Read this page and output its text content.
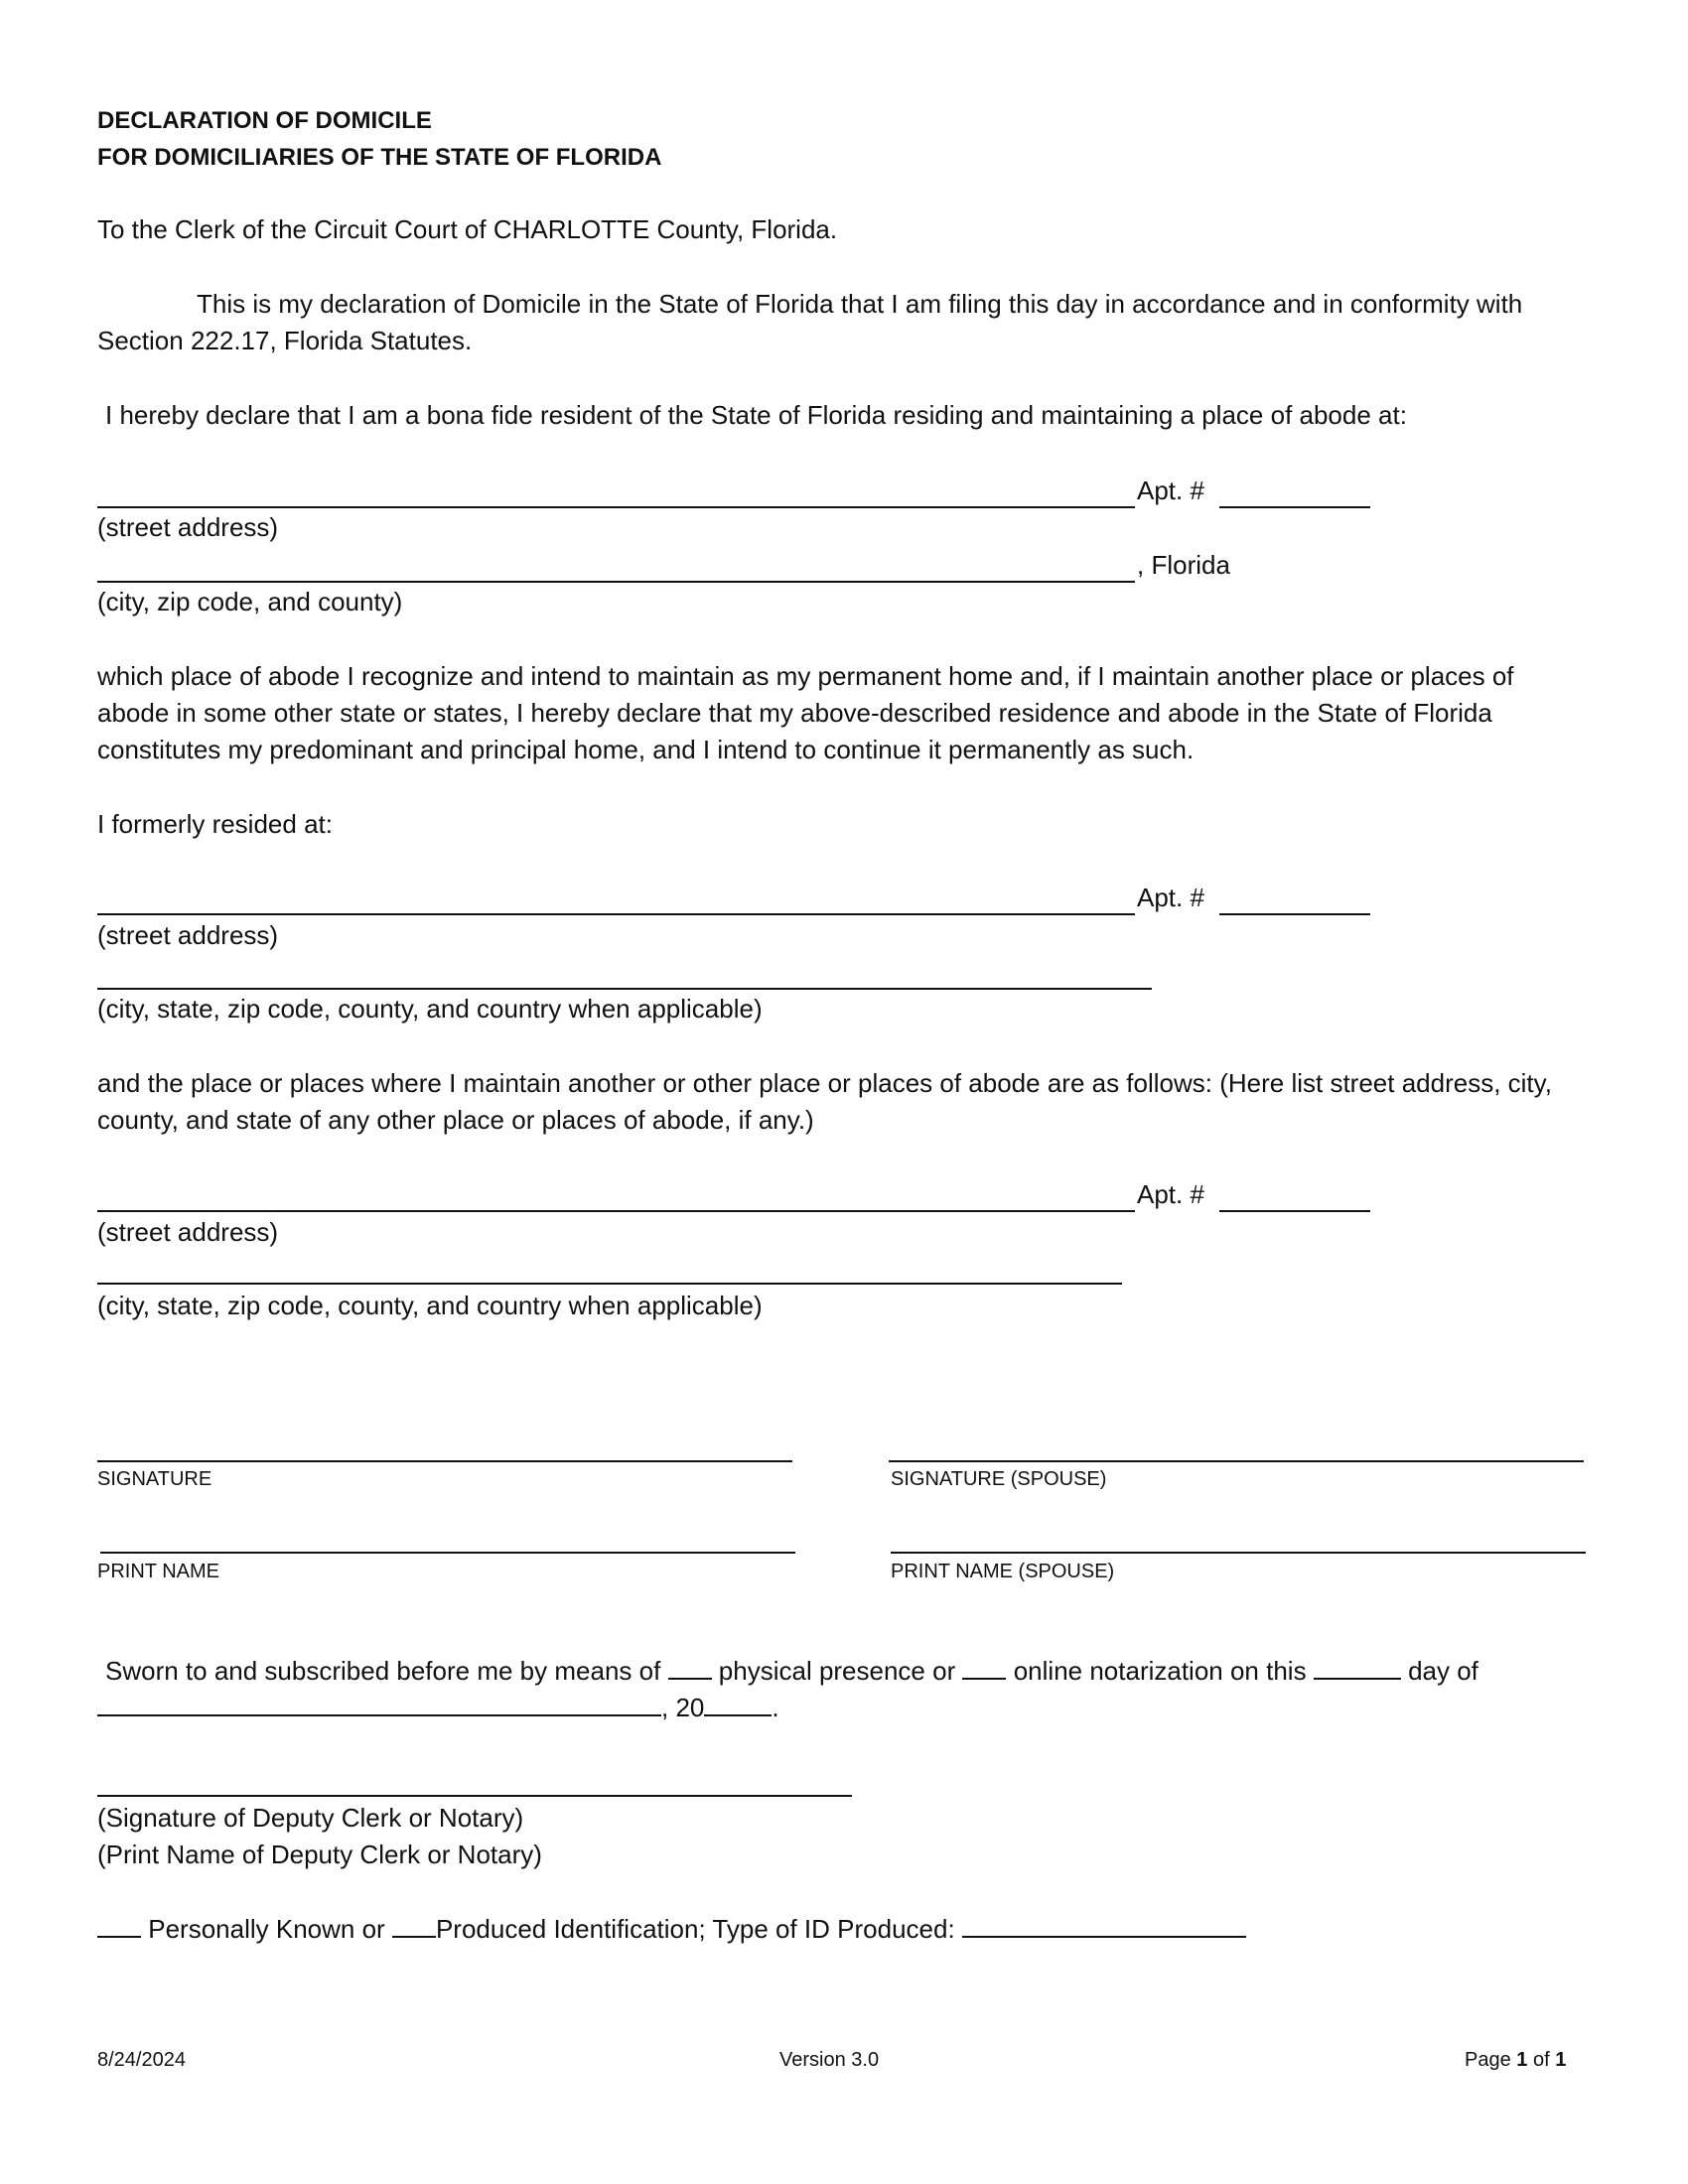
DECLARATION OF DOMICILE
FOR DOMICILIARIES OF THE STATE OF FLORIDA
To the Clerk of the Circuit Court of CHARLOTTE County, Florida.
This is my declaration of Domicile in the State of Florida that I am filing this day in accordance and in conformity with Section 222.17, Florida Statutes.
I hereby declare that I am a bona fide resident of the State of Florida residing and maintaining a place of abode at:
Apt. #
(street address)
, Florida
(city, zip code, and county)
which place of abode I recognize and intend to maintain as my permanent home and, if I maintain another place or places of abode in some other state or states, I hereby declare that my above-described residence and abode in the State of Florida constitutes my predominant and principal home, and I intend to continue it permanently as such.
I formerly resided at:
Apt. #
(street address)
(city, state, zip code, county, and country when applicable)
and the place or places where I maintain another or other place or places of abode are as follows: (Here list street address, city, county, and state of any other place or places of abode, if any.)
Apt. #
(street address)
(city, state, zip code, county, and country when applicable)
SIGNATURE	SIGNATURE (SPOUSE)
PRINT NAME	PRINT NAME (SPOUSE)
Sworn to and subscribed before me by means of physical presence or online notarization on this	day of
, 20	.
(Signature of Deputy Clerk or Notary)
(Print Name of Deputy Clerk or Notary)
Personally Known or Produced Identification; Type of ID Produced:
8/24/2024	Version 3.0	Page 1 of 1
